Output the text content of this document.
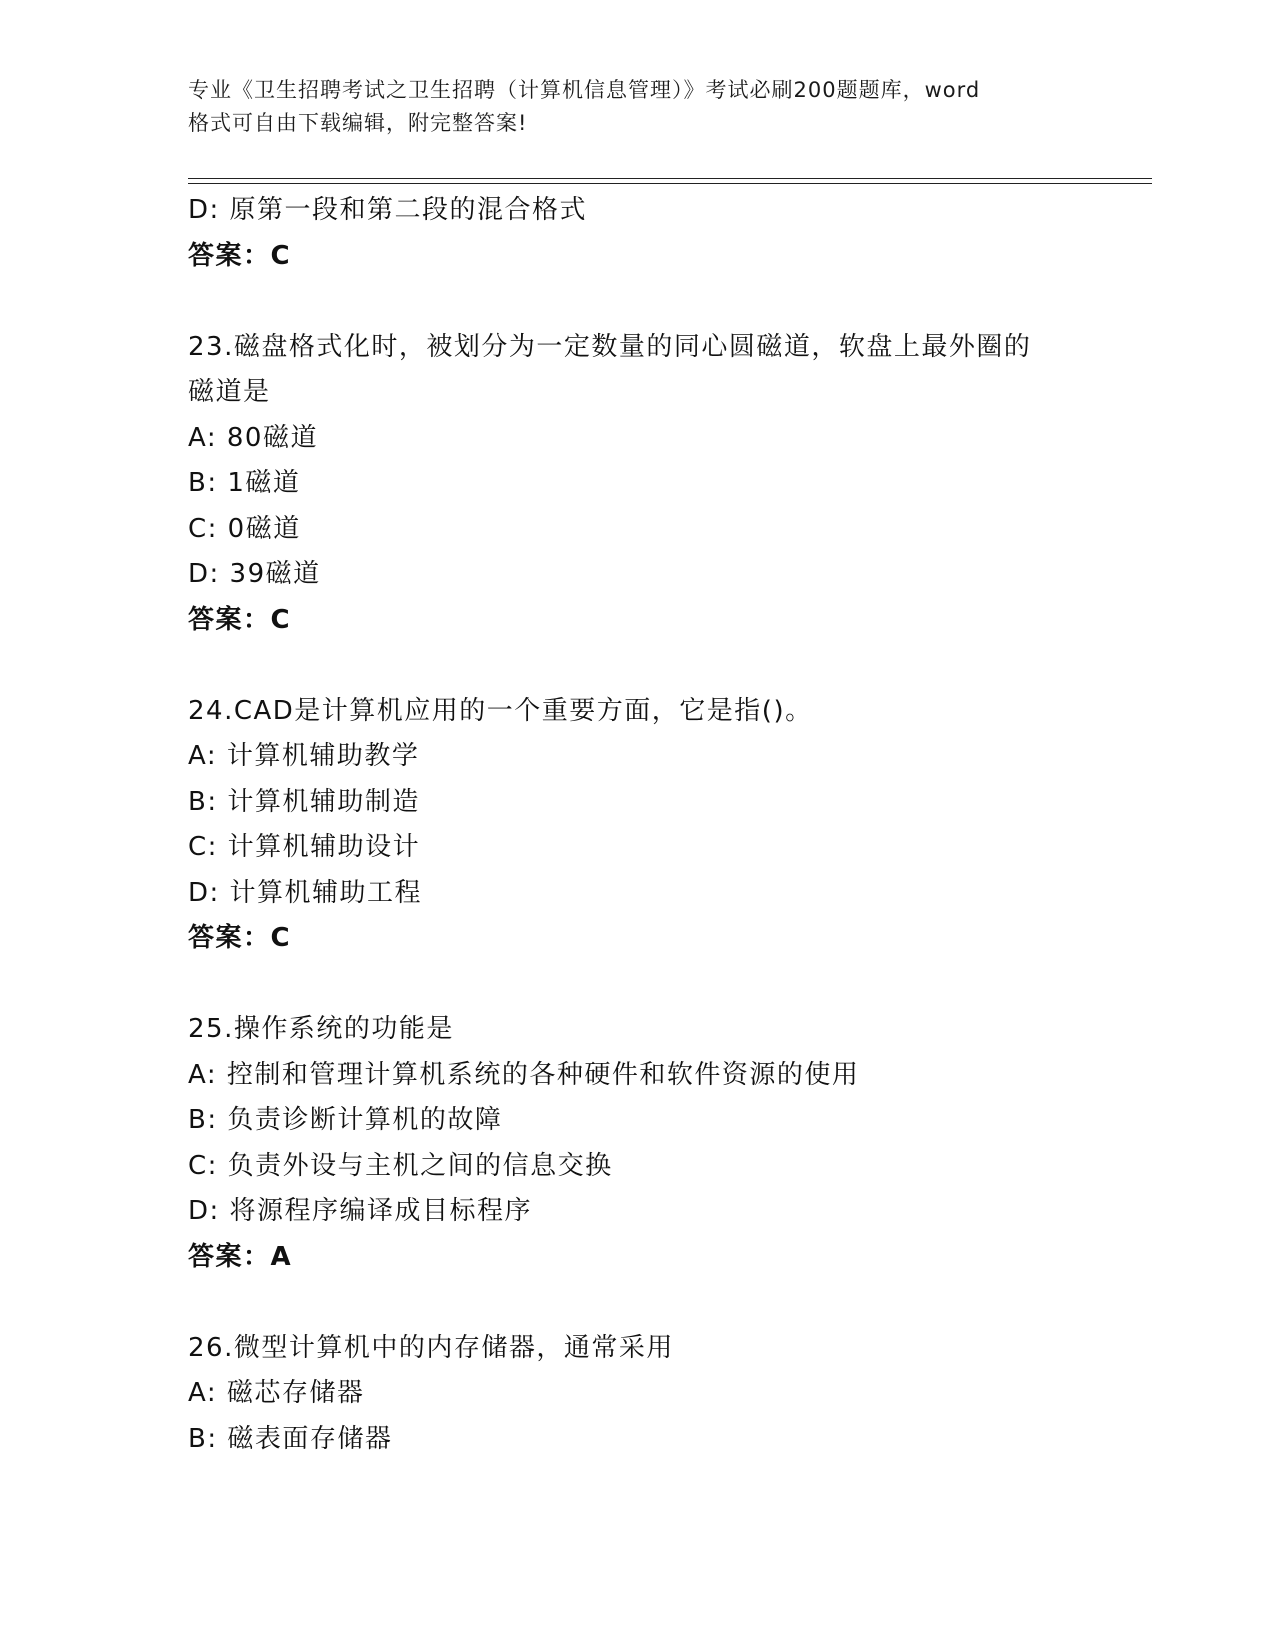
专业《卫生招聘考试之卫生招聘（计算机信息管理）》考试必刷200题题库，word
格式可自由下载编辑，附完整答案!
D: 原第一段和第二段的混合格式
答案：C
23.磁盘格式化时，被划分为一定数量的同心圆磁道，软盘上最外圈的
磁道是
A: 80磁道
B: 1磁道
C: 0磁道
D: 39磁道
答案：C
24.CAD是计算机应用的一个重要方面，它是指()。
A: 计算机辅助教学
B: 计算机辅助制造
C: 计算机辅助设计
D: 计算机辅助工程
答案：C
25.操作系统的功能是
A: 控制和管理计算机系统的各种硬件和软件资源的使用
B: 负责诊断计算机的故障
C: 负责外设与主机之间的信息交换
D: 将源程序编译成目标程序
答案：A
26.微型计算机中的内存储器，通常采用
A: 磁芯存储器
B: 磁表面存储器
